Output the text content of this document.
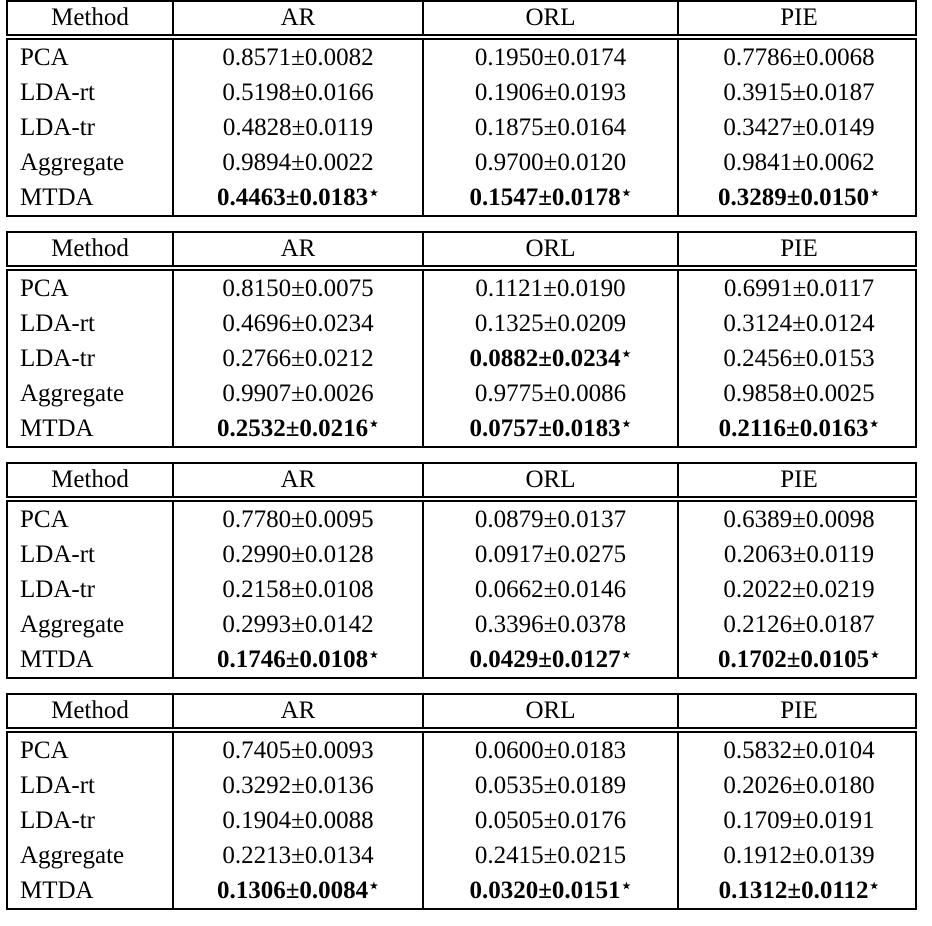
Method	AR	ORL	PIE
PCA	0.8571±0.0082	0.1950±0.0174	0.7786±0.0068
LDA-rt	0.5198±0.0166	0.1906±0.0193	0.3915±0.0187
LDA-tr	0.4828±0.0119	0.1875±0.0164	0.3427±0.0149
Aggregate	0.9894±0.0022	0.9700±0.0120	0.9841±0.0062
MTDA	0.4463±0.0183⋆	0.1547±0.0178⋆	0.3289±0.0150⋆
Method	AR	ORL	PIE
PCA	0.8150±0.0075	0.1121±0.0190	0.6991±0.0117
LDA-rt	0.4696±0.0234	0.1325±0.0209	0.3124±0.0124
LDA-tr	0.2766±0.0212	0.0882±0.0234⋆	0.2456±0.0153
Aggregate	0.9907±0.0026	0.9775±0.0086	0.9858±0.0025
MTDA	0.2532±0.0216⋆	0.0757±0.0183⋆	0.2116±0.0163⋆
Method	AR	ORL	PIE
PCA	0.7780±0.0095	0.0879±0.0137	0.6389±0.0098
LDA-rt	0.2990±0.0128	0.0917±0.0275	0.2063±0.0119
LDA-tr	0.2158±0.0108	0.0662±0.0146	0.2022±0.0219
Aggregate	0.2993±0.0142	0.3396±0.0378	0.2126±0.0187
MTDA	0.1746±0.0108⋆	0.0429±0.0127⋆	0.1702±0.0105⋆
Method	AR	ORL	PIE
PCA	0.7405±0.0093	0.0600±0.0183	0.5832±0.0104
LDA-rt	0.3292±0.0136	0.0535±0.0189	0.2026±0.0180
LDA-tr	0.1904±0.0088	0.0505±0.0176	0.1709±0.0191
Aggregate	0.2213±0.0134	0.2415±0.0215	0.1912±0.0139
MTDA	0.1306±0.0084⋆	0.0320±0.0151⋆	0.1312±0.0112⋆
